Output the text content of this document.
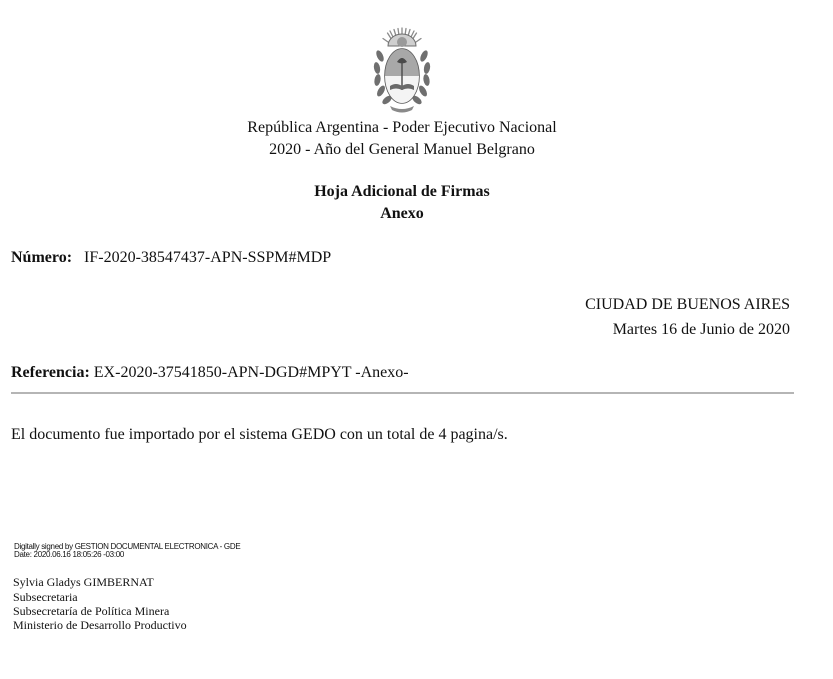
República Argentina - Poder Ejecutivo Nacional
2020 - Año del General Manuel Belgrano
Hoja Adicional de Firmas
Anexo
Número: IF-2020-38547437-APN-SSPM#MDP
CIUDAD DE BUENOS AIRES
Martes 16 de Junio de 2020
Referencia: EX-2020-37541850-APN-DGD#MPYT -Anexo-
El documento fue importado por el sistema GEDO con un total de 4 pagina/s.
Digitally signed by GESTION DOCUMENTAL ELECTRONICA - GDE
Date: 2020.06.16 18:05:26 -03:00
Sylvia Gladys GIMBERNAT
Subsecretaria
Subsecretaría de Política Minera
Ministerio de Desarrollo Productivo
